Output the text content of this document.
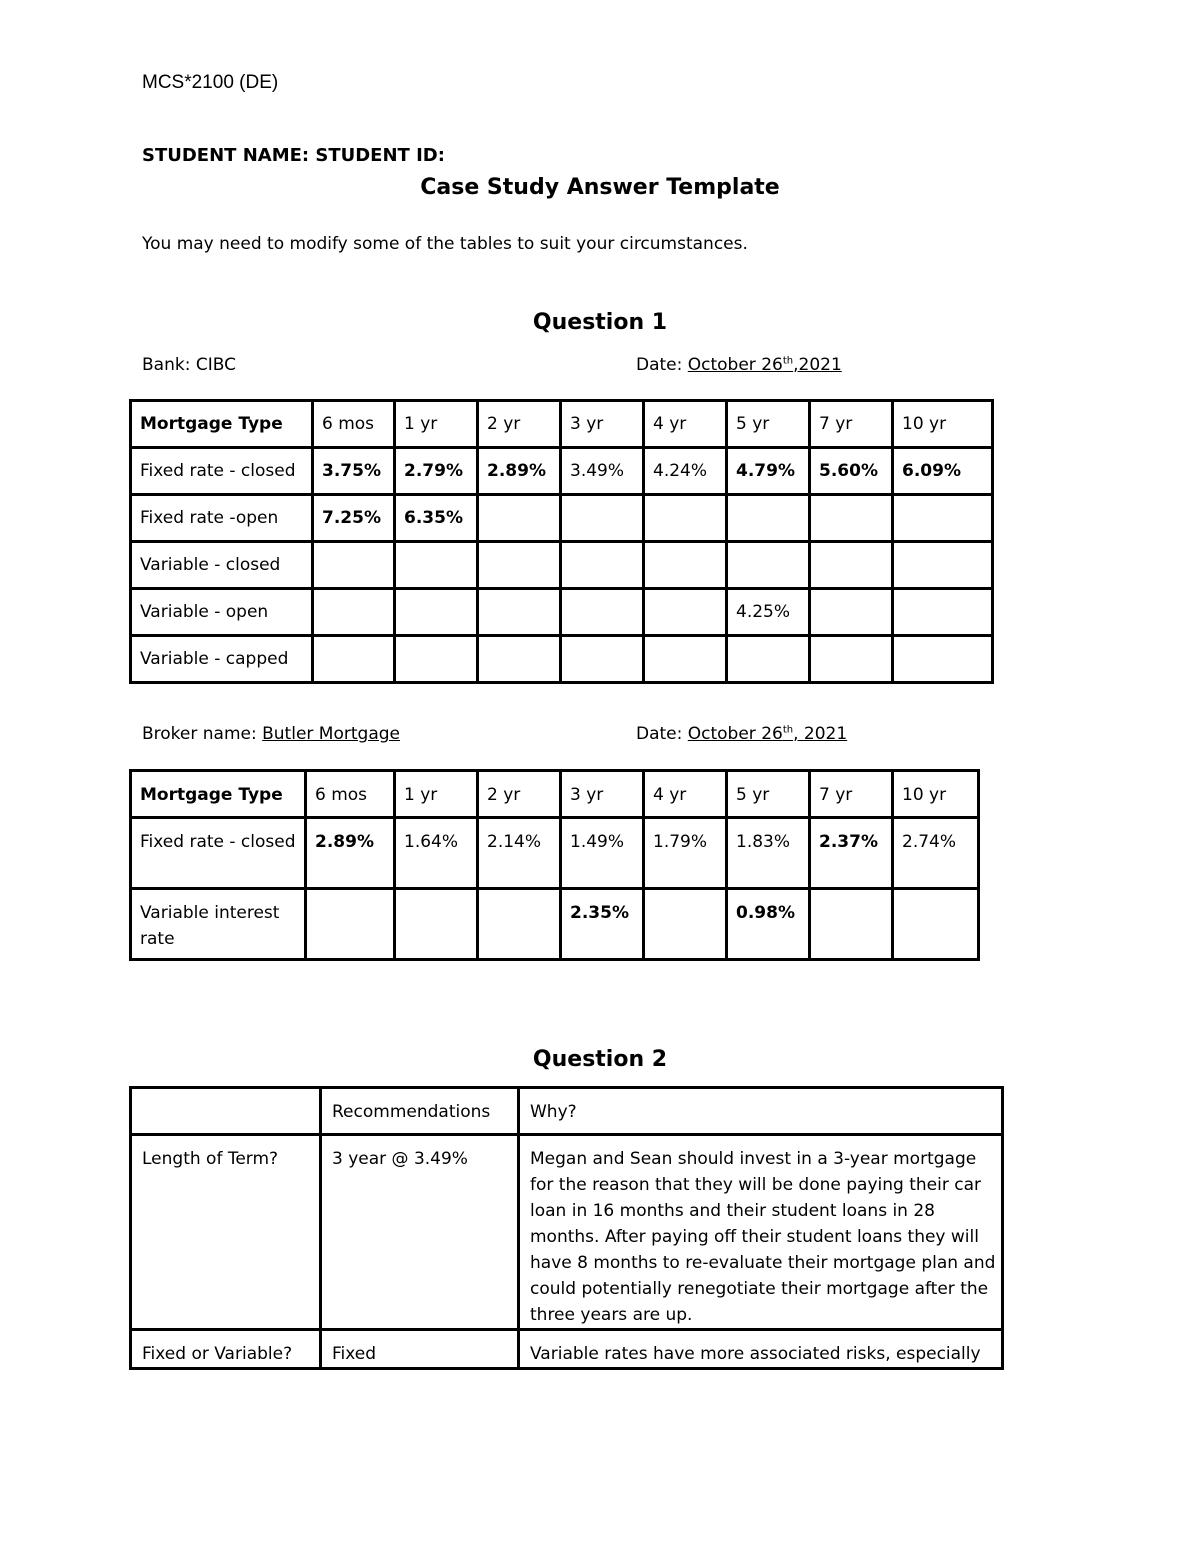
MCS*2100 (DE)
STUDENT NAME: STUDENT ID:
Case Study Answer Template
You may need to modify some of the tables to suit your circumstances.
Question 1
Bank: CIBC	Date: October 26th,2021
Mortgage Type	6 mos	1 yr	2 yr	3 yr	4 yr	5 yr	7 yr	10 yr
Fixed rate - closed	3.75%	2.79%	2.89%	3.49%	4.24%	4.79%	5.60%	6.09%
Fixed rate -open	7.25%	6.35%						
Variable - closed								
Variable - open						4.25%		
Variable - capped								
Broker name: Butler Mortgage	Date: October 26th, 2021
Mortgage Type	6 mos	1 yr	2 yr	3 yr	4 yr	5 yr	7 yr	10 yr
Fixed rate - closed	2.89%	1.64%	2.14%	1.49%	1.79%	1.83%	2.37%	2.74%
Variable interest rate				2.35%		0.98%		
Question 2
	Recommendations	Why?
Length of Term?	3 year @ 3.49%	Megan and Sean should invest in a 3-year mortgage for the reason that they will be done paying their car loan in 16 months and their student loans in 28 months. After paying off their student loans they will have 8 months to re-evaluate their mortgage plan and could potentially renegotiate their mortgage after the three years are up.
Fixed or Variable?	Fixed	Variable rates have more associated risks, especially
